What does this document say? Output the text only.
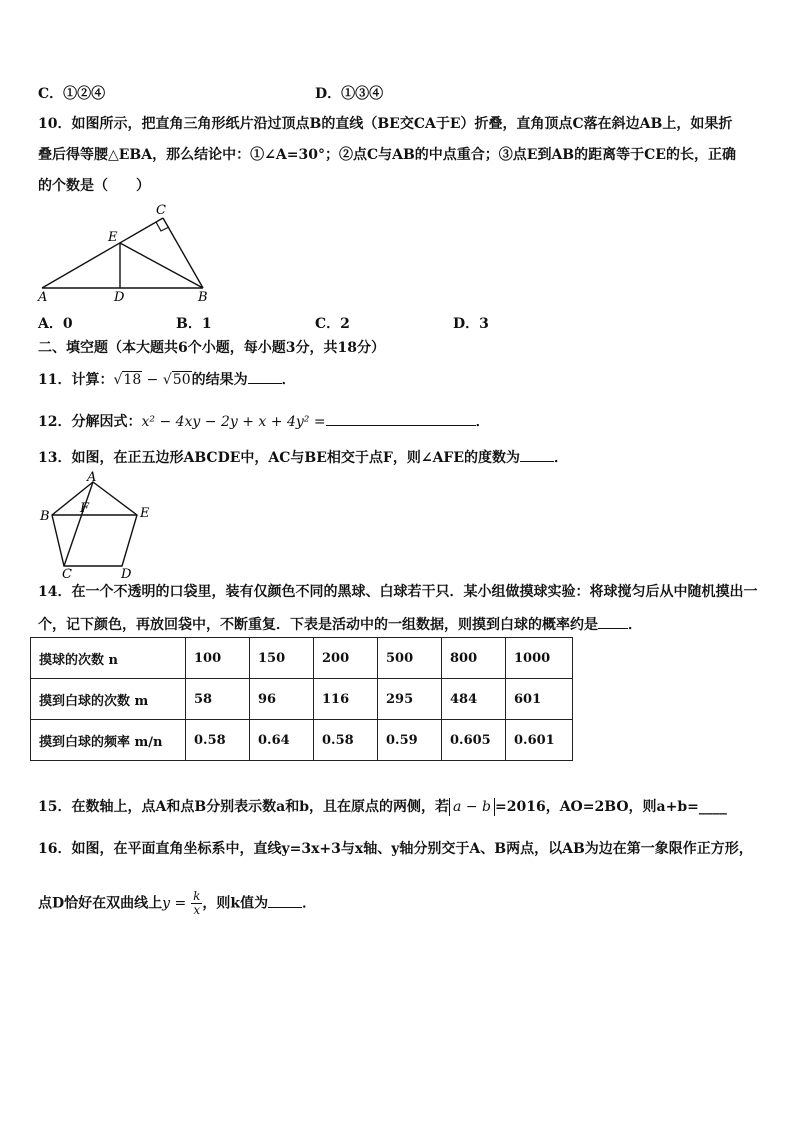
C．①②④	D．①③④
10．如图所示，把直角三角形纸片沿过顶点B的直线（BE交CA于E）折叠，直角顶点C落在斜边AB上，如果折
叠后得等腰△EBA，那么结论中：①∠A=30°；②点C与AB的中点重合；③点E到AB的距离等于CE的长，正确
的个数是（　　）
C
E
A	D	B
A．0	B．1	C．2	D．3
二、填空题（本大题共6个小题，每小题3分，共18分）
11．计算：√18 − √50的结果为 ．
12．分解因式：x² − 4xy − 2y + x + 4y² =	．
13．如图，在正五边形ABCDE中，AC与BE相交于点F，则∠AFE的度数为 ．
A
B	E
F
C	D
14．在一个不透明的口袋里，装有仅颜色不同的黑球、白球若干只．某小组做摸球实验：将球搅匀后从中随机摸出一
个，记下颜色，再放回袋中，不断重复．下表是活动中的一组数据，则摸到白球的概率约是 ．
摸球的次数 n	100	150	200	500	800	1000
摸到白球的次数 m	58	96	116	295	484	601
摸到白球的频率 m/n	0.58	0.64	0.58	0.59	0.605	0.601
15．在数轴上，点A和点B分别表示数a和b，且在原点的两侧，若 a − b =2016，AO=2BO，则a+b=____
16．如图，在平面直角坐标系中，直线y=3x+3与x轴、y轴分别交于A、B两点，以AB为边在第一象限作正方形，
点D恰好在双曲线上$y = \frac{k}{x}$ ，则k值为 ．
